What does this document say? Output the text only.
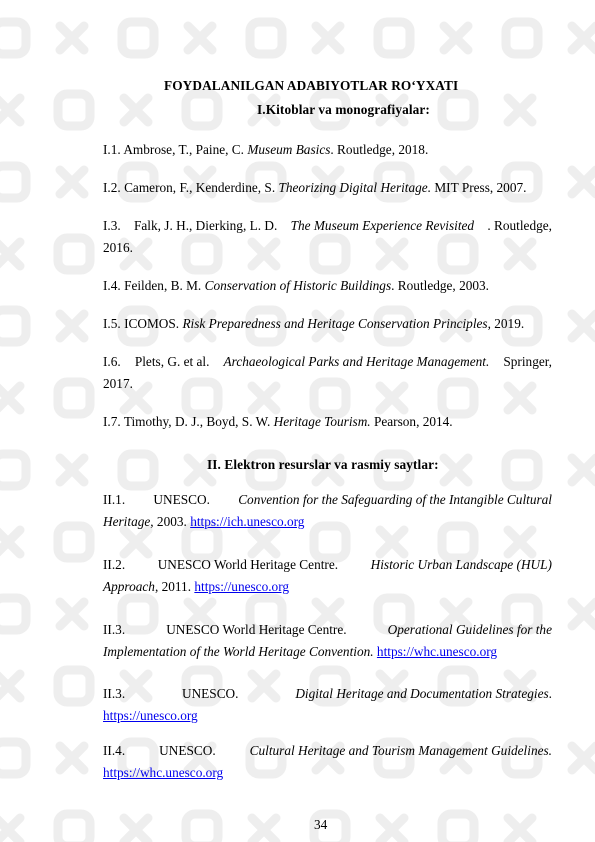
FOYDALANILGAN ADABIYOTLAR RO‘YXATI
I.Kitoblar va monografiyalar:
I.1. Ambrose, T., Paine, C. Museum Basics. Routledge, 2018.
I.2. Cameron, F., Kenderdine, S. Theorizing Digital Heritage. MIT Press, 2007.
I.3. Falk, J. H., Dierking, L. D. The Museum Experience Revisited . Routledge,
2016.
I.4. Feilden, B. M. Conservation of Historic Buildings. Routledge, 2003.
I.5. ICOMOS. Risk Preparedness and Heritage Conservation Principles, 2019.
I.6. Plets, G. et al. Archaeological Parks and Heritage Management. Springer,
2017.
I.7. Timothy, D. J., Boyd, S. W. Heritage Tourism. Pearson, 2014.
II. Elektron resurslar va rasmiy saytlar:
II.1. UNESCO. Convention for the Safeguarding of the Intangible Cultural
Heritage, 2003. https://ich.unesco.org
II.2. UNESCO World Heritage Centre. Historic Urban Landscape (HUL)
Approach, 2011. https://unesco.org
II.3.	UNESCO World Heritage Centre.	Operational Guidelines for the
Implementation of the World Heritage Convention. https://whc.unesco.org
II.3.	UNESCO.	Digital Heritage and Documentation Strategies.
https://unesco.org
II.4.	UNESCO.	Cultural Heritage and Tourism Management Guidelines.
https://whc.unesco.org
34
